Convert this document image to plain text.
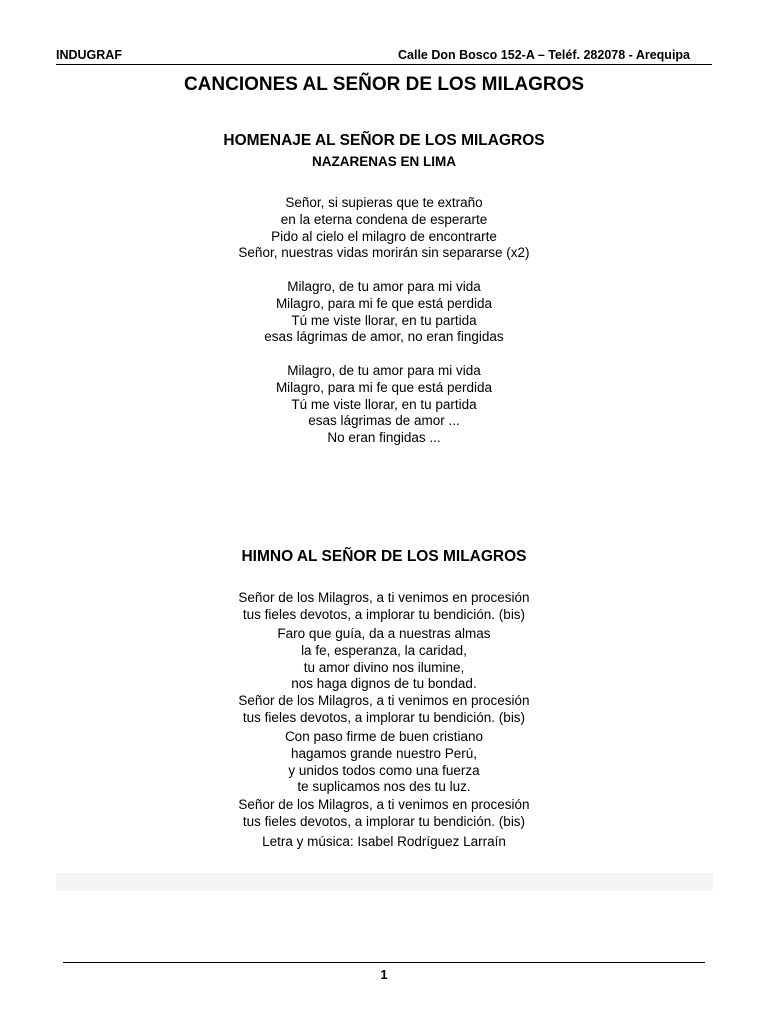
INDUGRAF	Calle Don Bosco 152-A – Teléf. 282078 - Arequipa
CANCIONES AL SEÑOR DE LOS MILAGROS
HOMENAJE AL SEÑOR DE LOS MILAGROS
NAZARENAS EN LIMA
Señor, si supieras que te extraño
en la eterna condena de esperarte
Pido al cielo el milagro de encontrarte
Señor, nuestras vidas morirán sin separarse (x2)
Milagro, de tu amor para mi vida
Milagro, para mi fe que está perdida
Tú me viste llorar, en tu partida
esas lágrimas de amor, no eran fingidas
Milagro, de tu amor para mi vida
Milagro, para mi fe que está perdida
Tú me viste llorar, en tu partida
esas lágrimas de amor ...
No eran fingidas ...
HIMNO AL SEÑOR DE LOS MILAGROS
Señor de los Milagros, a ti venimos en procesión
tus fieles devotos, a implorar tu bendición. (bis)
Faro que guía, da a nuestras almas
la fe, esperanza, la caridad,
tu amor divino nos ilumine,
nos haga dignos de tu bondad.
Señor de los Milagros, a ti venimos en procesión
tus fieles devotos, a implorar tu bendición. (bis)
Con paso firme de buen cristiano
hagamos grande nuestro Perú,
y unidos todos como una fuerza
te suplicamos nos des tu luz.
Señor de los Milagros, a ti venimos en procesión
tus fieles devotos, a implorar tu bendición. (bis)
Letra y música: Isabel Rodríguez Larraín
1
